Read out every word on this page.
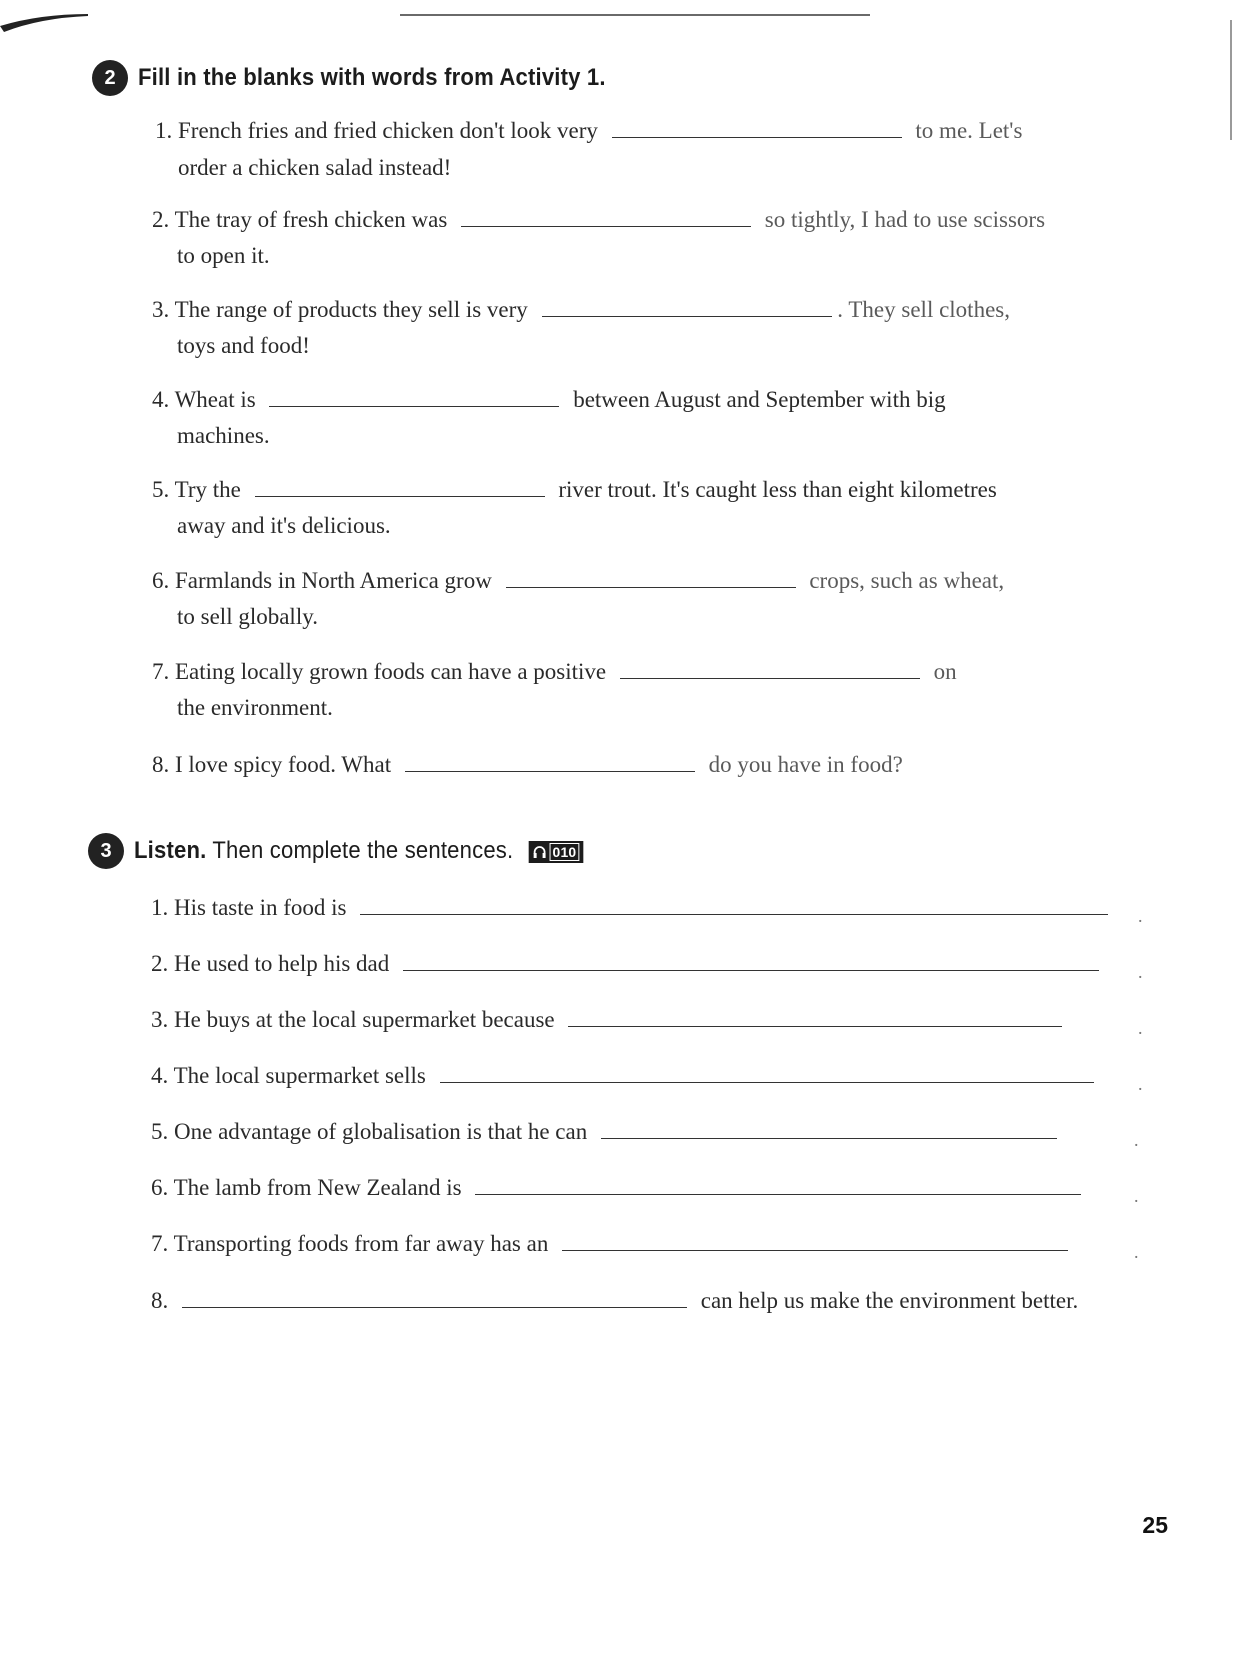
2 Fill in the blanks with words from Activity 1.
1. French fries and fried chicken don't look very	to me. Let's
order a chicken salad instead!
2. The tray of fresh chicken was	so tightly, I had to use scissors
to open it.
3. The range of products they sell is very	. They sell clothes,
toys and food!
4. Wheat is	between August and September with big
machines.
5. Try the	river trout. It's caught less than eight kilometres
away and it's delicious.
6. Farmlands in North America grow	crops, such as wheat,
to sell globally.
7. Eating locally grown foods can have a positive	on
the environment.
8. I love spicy food. What	do you have in food?
3 Listen. Then complete the sentences.	010
1. His taste in food is	.
2. He used to help his dad	.
3. He buys at the local supermarket because	.
4. The local supermarket sells	.
5. One advantage of globalisation is that he can	.
6. The lamb from New Zealand is	.
7. Transporting foods from far away has an	.
8.	can help us make the environment better.
25
